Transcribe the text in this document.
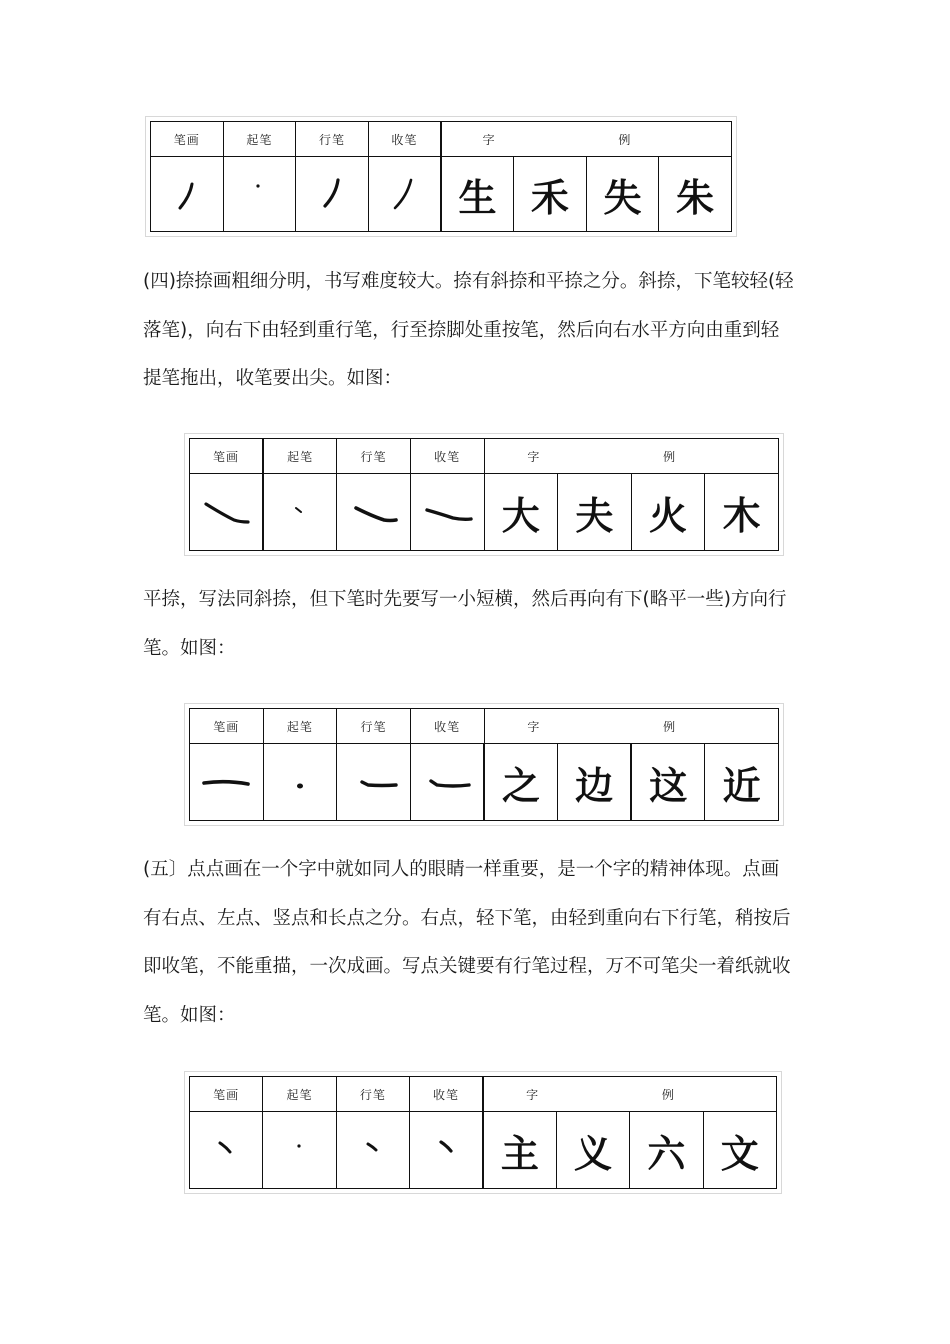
笔画	起笔	行笔	收笔	字 例			

	生	禾	失	朱
(四)捺捺画粗细分明，书写难度较大。捺有斜捺和平捺之分。斜捺，下笔较轻(轻
落笔)，向右下由轻到重行笔，行至捺脚处重按笔，然后向右水平方向由重到轻
提笔拖出，收笔要出尖。如图：
笔画	起笔	行笔	收笔	字 例			

	大	夫	火	木
平捺，写法同斜捺，但下笔时先要写一小短横，然后再向有下(略平一些)方向行
笔。如图：
笔画	起笔	行笔	收笔	字 例			

	之	边	这	近
(五〕点点画在一个字中就如同人的眼睛一样重要，是一个字的精神体现。点画
有右点、左点、竖点和长点之分。右点，轻下笔，由轻到重向右下行笔，稍按后
即收笔，不能重描，一次成画。写点关键要有行笔过程，万不可笔尖一着纸就收
笔。如图：
笔画	起笔	行笔	收笔	字 例			

	主	义	六	文
